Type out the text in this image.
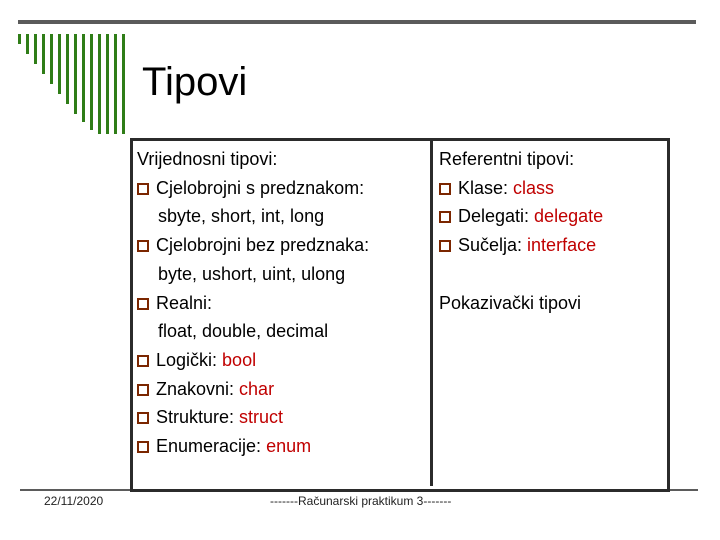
Tipovi
Vrijednosni tipovi:
Cjelobrojni s predznakom:
sbyte, short, int, long
Cjelobrojni bez predznaka:
byte, ushort, uint, ulong
Realni:
float, double, decimal
Logički: bool
Znakovni: char
Strukture: struct
Enumeracije: enum
Referentni tipovi:
Klase: class
Delegati: delegate
Sučelja: interface
Pokazivački tipovi
22/11/2020	-------Računarski praktikum 3-------
